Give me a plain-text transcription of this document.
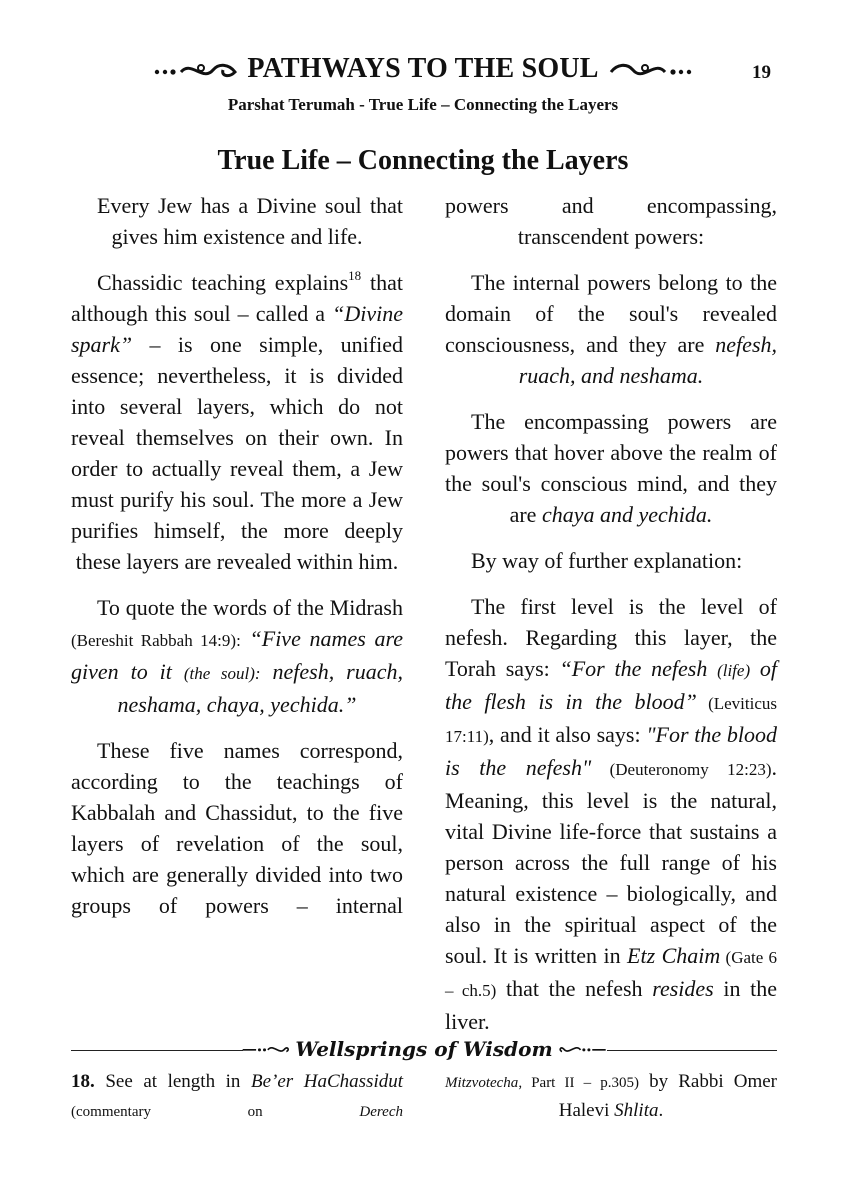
PATHWAYS TO THE SOUL	19
Parshat Terumah - True Life – Connecting the Layers
True Life – Connecting the Layers

Every Jew has a Divine soul that gives him existence and life.

Chassidic teaching explains$^{18}$ that although this soul – called a “Divine spark” – is one simple, unified essence; nevertheless, it is divided into several layers, which do not reveal themselves on their own. In order to actually reveal them, a Jew must purify his soul. The more a Jew purifies himself, the more deeply these layers are revealed within him.

To quote the words of the Midrash (Bereshit Rabbah 14:9): “Five names are given to it (the soul): nefesh, ruach, neshama, chaya, yechida.”

These five names correspond, according to the teachings of Kabbalah and Chassidut, to the five layers of revelation of the soul, which are generally divided into two groups of powers – internal

powers and encompassing, transcendent powers:

The internal powers belong to the domain of the soul's revealed consciousness, and they are nefesh, ruach, and neshama.

The encompassing powers are powers that hover above the realm of the soul's conscious mind, and they are chaya and yechida.

By way of further explanation:

The first level is the level of nefesh. Regarding this layer, the Torah says: “For the nefesh (life) of the flesh is in the blood” (Leviticus 17:11), and it also says: "For the blood is the nefesh" (Deuteronomy 12:23). Meaning, this level is the natural, vital Divine life-force that sustains a person across the full range of his natural existence – biologically, and also in the spiritual aspect of the soul. It is written in Etz Chaim (Gate 6 – ch.5) that the nefesh resides in the liver.

Wellsprings of Wisdom
18. See at length in Be’er HaChassidut (commentary on Derech
Mitzvotecha, Part II – p.305) by Rabbi Omer Halevi Shlita.
